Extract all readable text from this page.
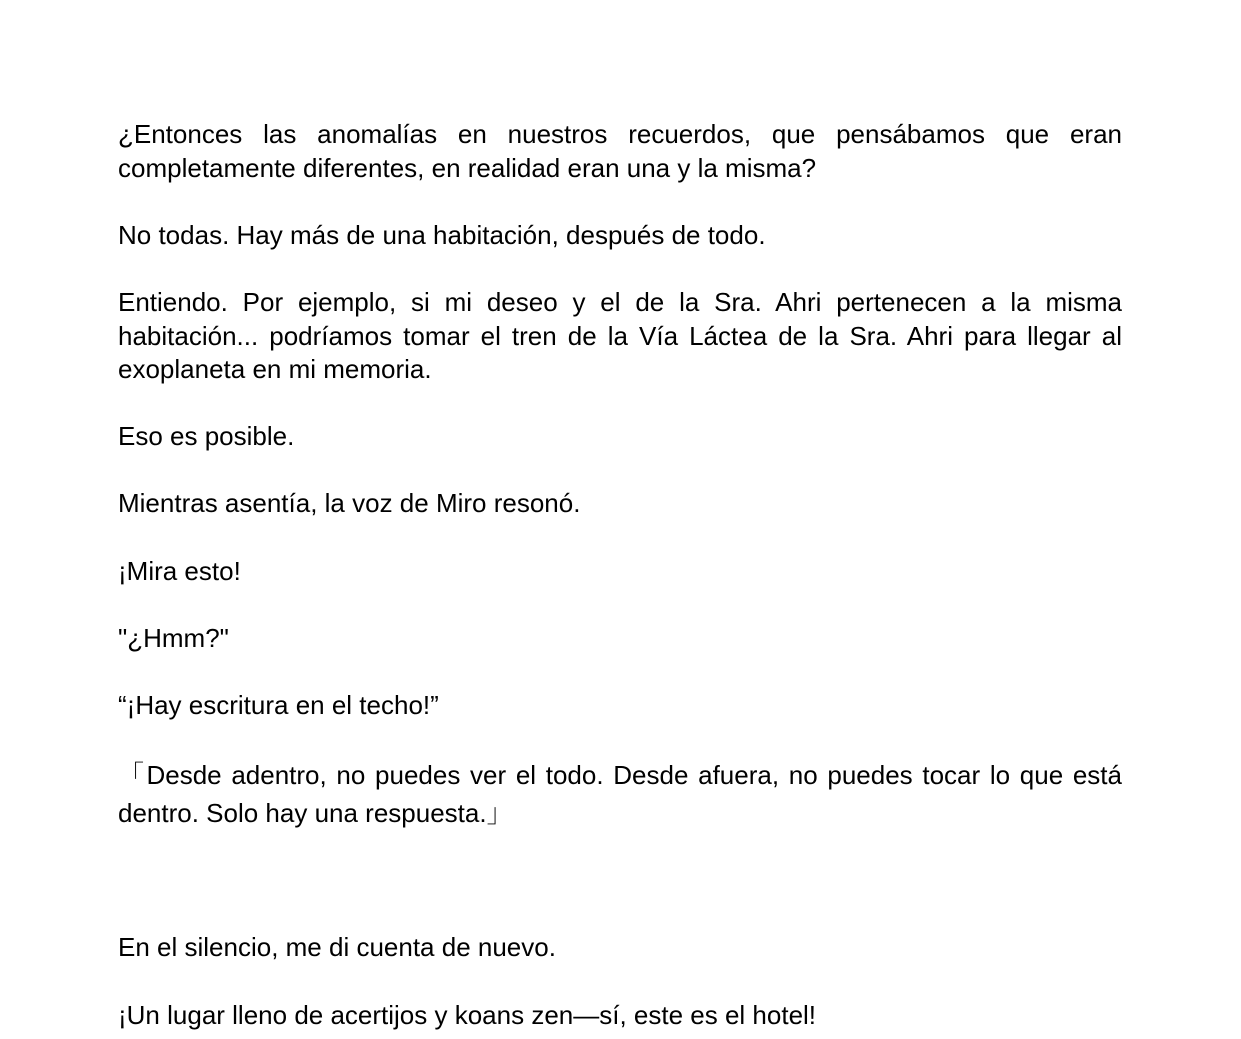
¿Entonces las anomalías en nuestros recuerdos, que pensábamos que eran completamente diferentes, en realidad eran una y la misma?

No todas. Hay más de una habitación, después de todo.

Entiendo. Por ejemplo, si mi deseo y el de la Sra. Ahri pertenecen a la misma habitación... podríamos tomar el tren de la Vía Láctea de la Sra. Ahri para llegar al exoplaneta en mi memoria.

Eso es posible.

Mientras asentía, la voz de Miro resonó.

¡Mira esto!

"¿Hmm?"

“¡Hay escritura en el techo!”

「Desde adentro, no puedes ver el todo. Desde afuera, no puedes tocar lo que está dentro. Solo hay una respuesta.」

En el silencio, me di cuenta de nuevo.

¡Un lugar lleno de acertijos y koans zen—sí, este es el hotel!
